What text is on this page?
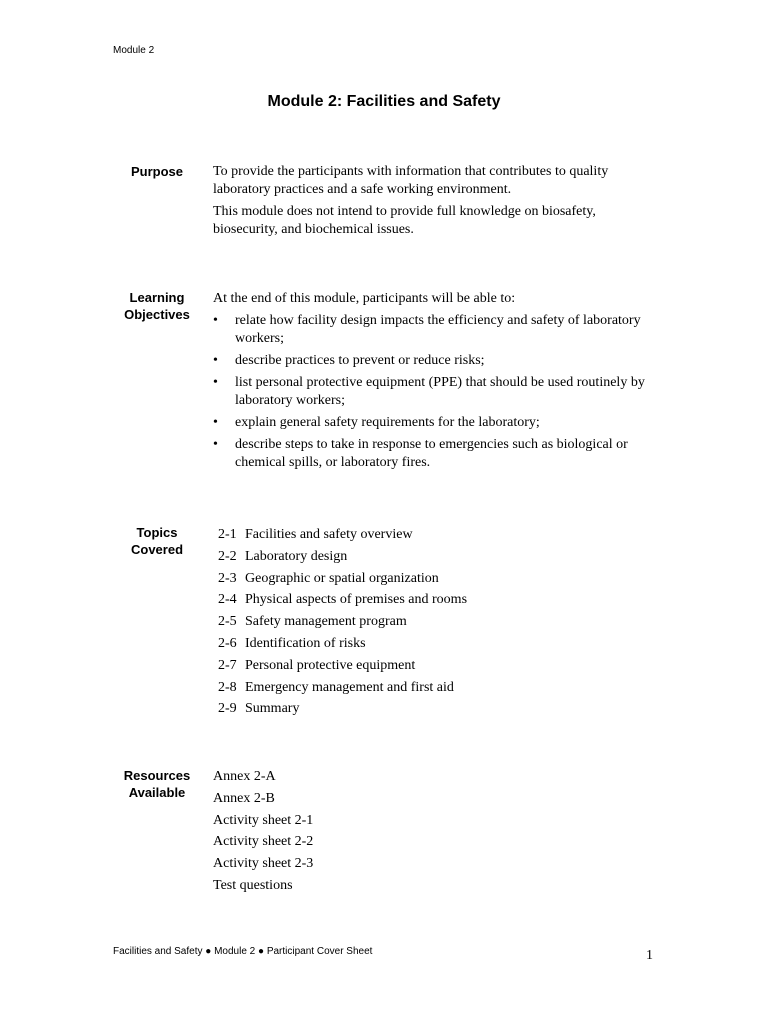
Module 2
Module 2: Facilities and Safety
Purpose	To provide the participants with information that contributes to quality laboratory practices and a safe working environment.

This module does not intend to provide full knowledge on biosafety, biosecurity, and biochemical issues.

Learning
Objectives

At the end of this module, participants will be able to:

• relate how facility design impacts the efficiency and safety of laboratory workers;
• describe practices to prevent or reduce risks;
• list personal protective equipment (PPE) that should be used routinely by laboratory workers;
• explain general safety requirements for the laboratory;
• describe steps to take in response to emergencies such as biological or chemical spills, or laboratory fires.
Topics
Covered
2-1 Facilities and safety overview
2-2 Laboratory design
2-3 Geographic or spatial organization
2-4 Physical aspects of premises and rooms
2-5 Safety management program
2-6 Identification of risks
2-7 Personal protective equipment
2-8 Emergency management and first aid
2-9 Summary
Resources
Available
Annex 2-A
Annex 2-B
Activity sheet 2-1
Activity sheet 2-2
Activity sheet 2-3
Test questions
Facilities and Safety ● Module 2 ● Participant Cover Sheet	1
